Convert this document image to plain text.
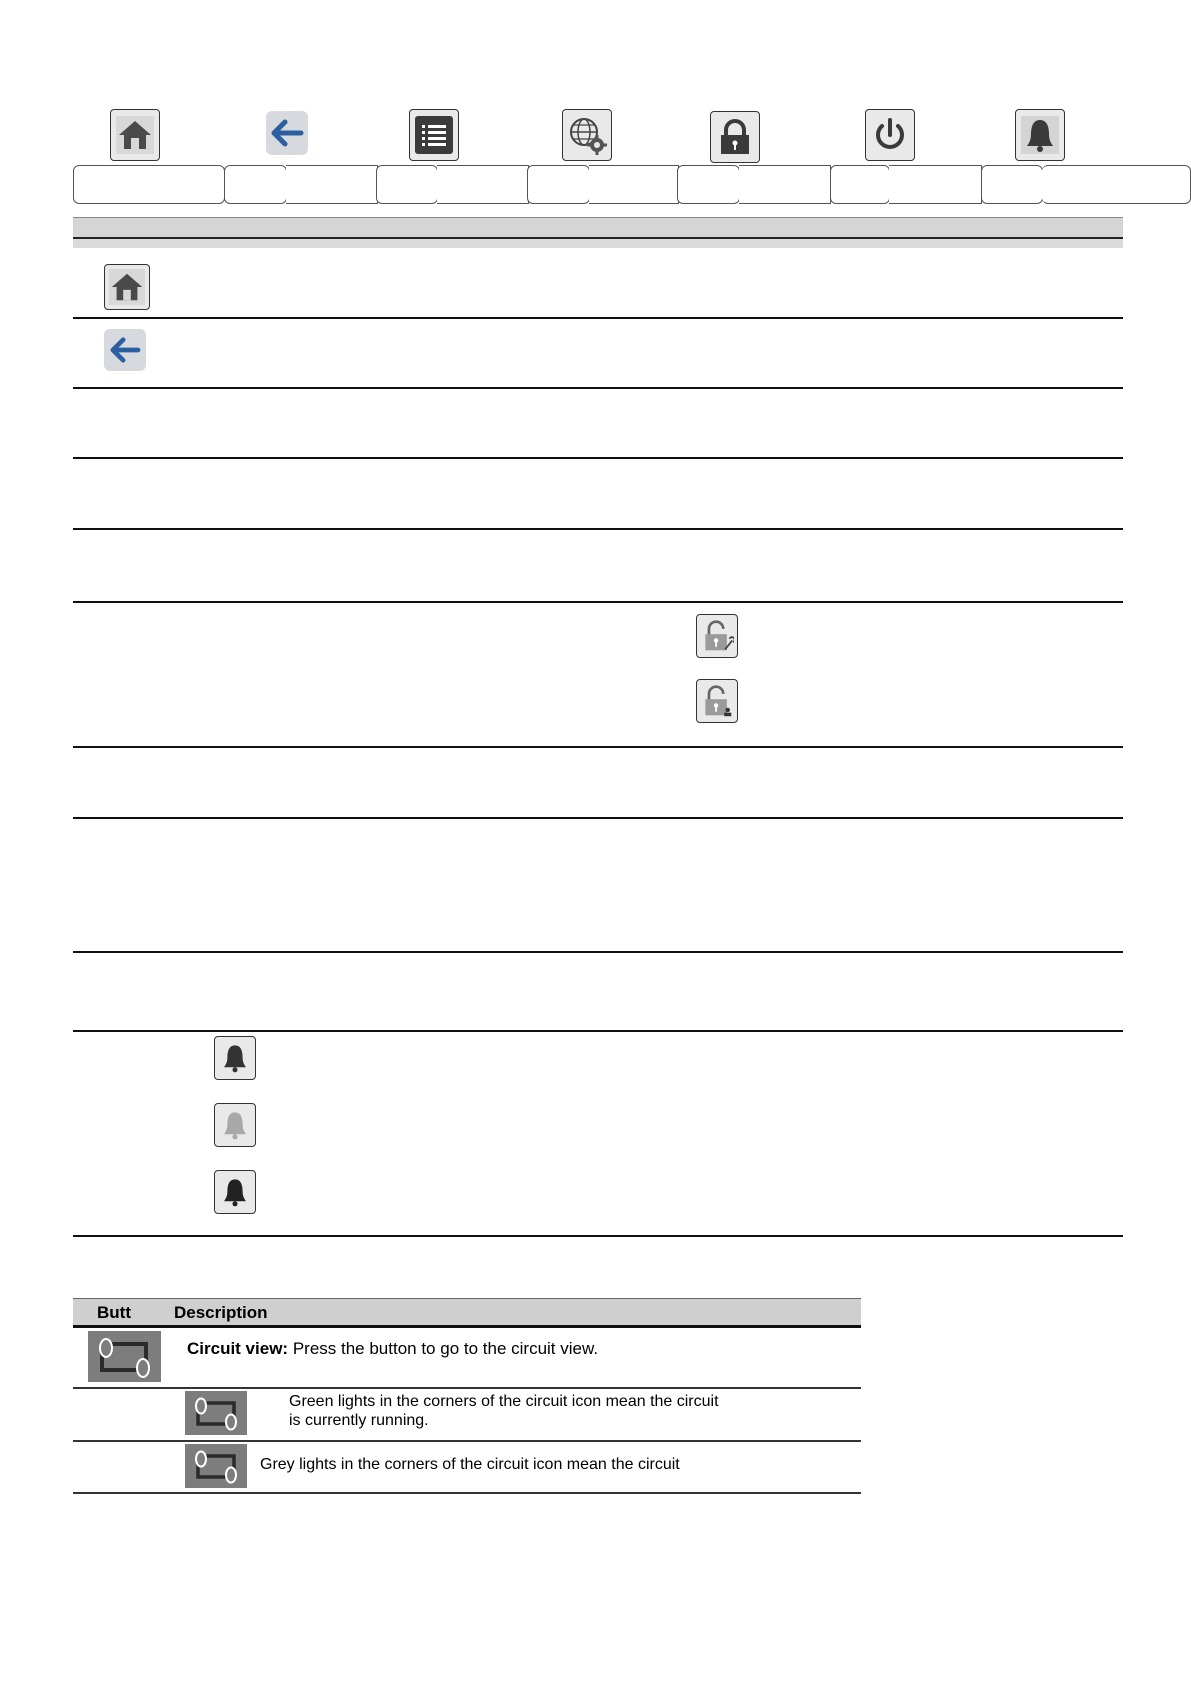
Butt	Description
Circuit view: Press the button to go to the circuit view.
Green lights in the corners of the circuit icon mean the circuit is currently running.
Grey lights in the corners of the circuit icon mean the circuit
